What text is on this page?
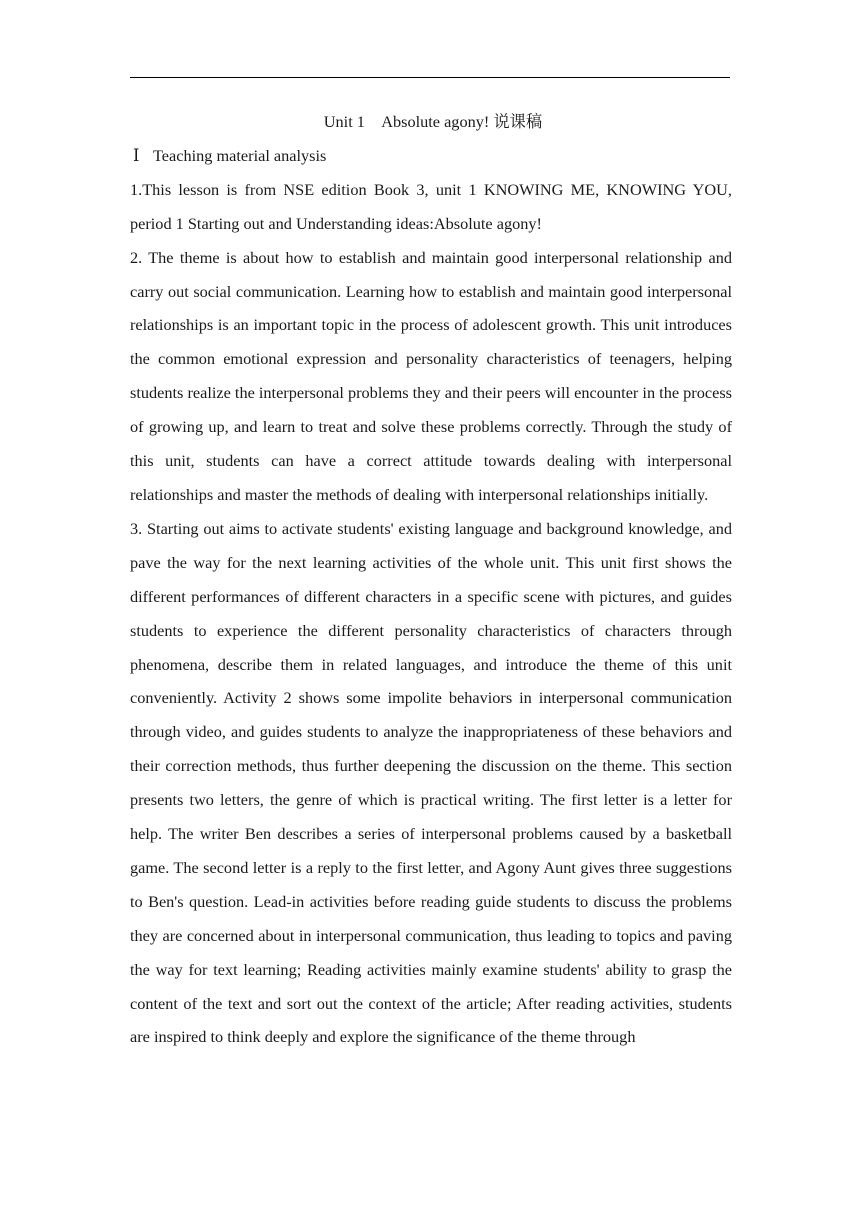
Unit 1 Absolute agony! 说课稿

Ⅰ Teaching material analysis

1.This lesson is from NSE edition Book 3, unit 1 KNOWING ME, KNOWING YOU, period 1 Starting out and Understanding ideas:Absolute agony!

2. The theme is about how to establish and maintain good interpersonal relationship and carry out social communication. Learning how to establish and maintain good interpersonal relationships is an important topic in the process of adolescent growth. This unit introduces the common emotional expression and personality characteristics of teenagers, helping students realize the interpersonal problems they and their peers will encounter in the process of growing up, and learn to treat and solve these problems correctly. Through the study of this unit, students can have a correct attitude towards dealing with interpersonal relationships and master the methods of dealing with interpersonal relationships initially.

3. Starting out aims to activate students' existing language and background knowledge, and pave the way for the next learning activities of the whole unit. This unit first shows the different performances of different characters in a specific scene with pictures, and guides students to experience the different personality characteristics of characters through phenomena, describe them in related languages, and introduce the theme of this unit conveniently. Activity 2 shows some impolite behaviors in interpersonal communication through video, and guides students to analyze the inappropriateness of these behaviors and their correction methods, thus further deepening the discussion on the theme. This section presents two letters, the genre of which is practical writing. The first letter is a letter for help. The writer Ben describes a series of interpersonal problems caused by a basketball game. The second letter is a reply to the first letter, and Agony Aunt gives three suggestions to Ben's question. Lead-in activities before reading guide students to discuss the problems they are concerned about in interpersonal communication, thus leading to topics and paving the way for text learning; Reading activities mainly examine students' ability to grasp the content of the text and sort out the context of the article; After reading activities, students are inspired to think deeply and explore the significance of the theme through
